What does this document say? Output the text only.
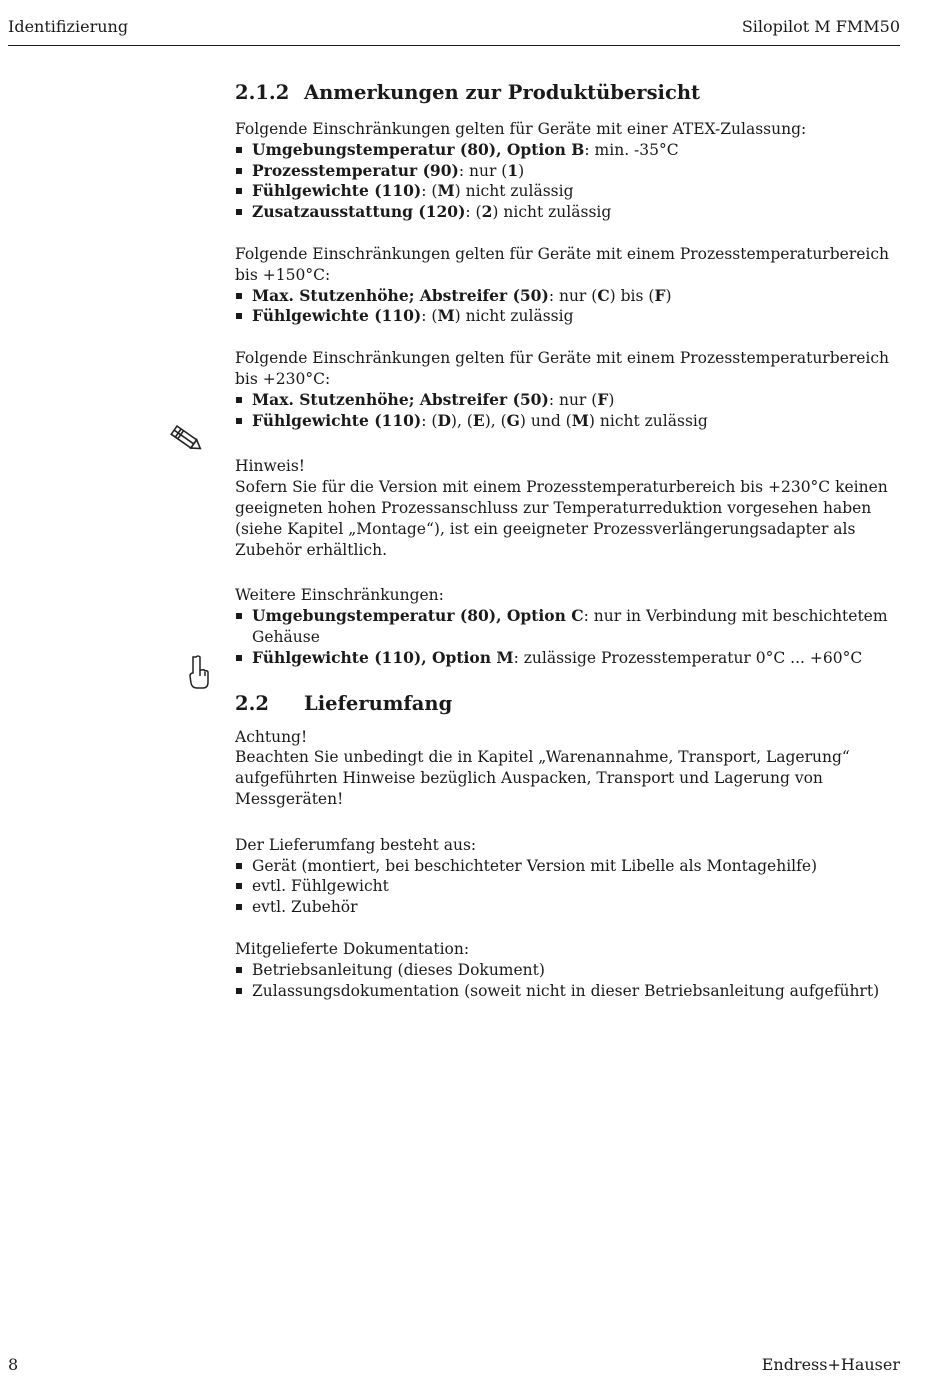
Identifizierung	Silopilot M FMM50
2.1.2 Anmerkungen zur Produktübersicht

Folgende Einschränkungen gelten für Geräte mit einer ATEX-Zulassung:

Umgebungstemperatur (80), Option B: min. -35°C
Prozesstemperatur (90): nur (1)
Fühlgewichte (110): (M) nicht zulässig
Zusatzausstattung (120): (2) nicht zulässig

Folgende Einschränkungen gelten für Geräte mit einem Prozesstemperaturbereich bis +150°C:

Max. Stutzenhöhe; Abstreifer (50): nur (C) bis (F)
Fühlgewichte (110): (M) nicht zulässig

Folgende Einschränkungen gelten für Geräte mit einem Prozesstemperaturbereich bis +230°C:

Max. Stutzenhöhe; Abstreifer (50): nur (F)
Fühlgewichte (110): (D), (E), (G) und (M) nicht zulässig

Hinweis!

Sofern Sie für die Version mit einem Prozesstemperaturbereich bis +230°C keinen geeigneten hohen Prozessanschluss zur Temperaturreduktion vorgesehen haben (siehe Kapitel „Montage“), ist ein geeigneter Prozessverlängerungsadapter als Zubehör erhältlich.

Weitere Einschränkungen:

Umgebungstemperatur (80), Option C: nur in Verbindung mit beschichtetem Gehäuse
Fühlgewichte (110), Option M: zulässige Prozesstemperatur 0°C ... +60°C
2.2	Lieferumfang

Achtung!

Beachten Sie unbedingt die in Kapitel „Warenannahme, Transport, Lagerung“ aufgeführten Hinweise bezüglich Auspacken, Transport und Lagerung von Messgeräten!

Der Lieferumfang besteht aus:

Gerät (montiert, bei beschichteter Version mit Libelle als Montagehilfe)
evtl. Fühlgewicht
evtl. Zubehör

Mitgelieferte Dokumentation:

Betriebsanleitung (dieses Dokument)
Zulassungsdokumentation (soweit nicht in dieser Betriebsanleitung aufgeführt)
8	Endress+Hauser
